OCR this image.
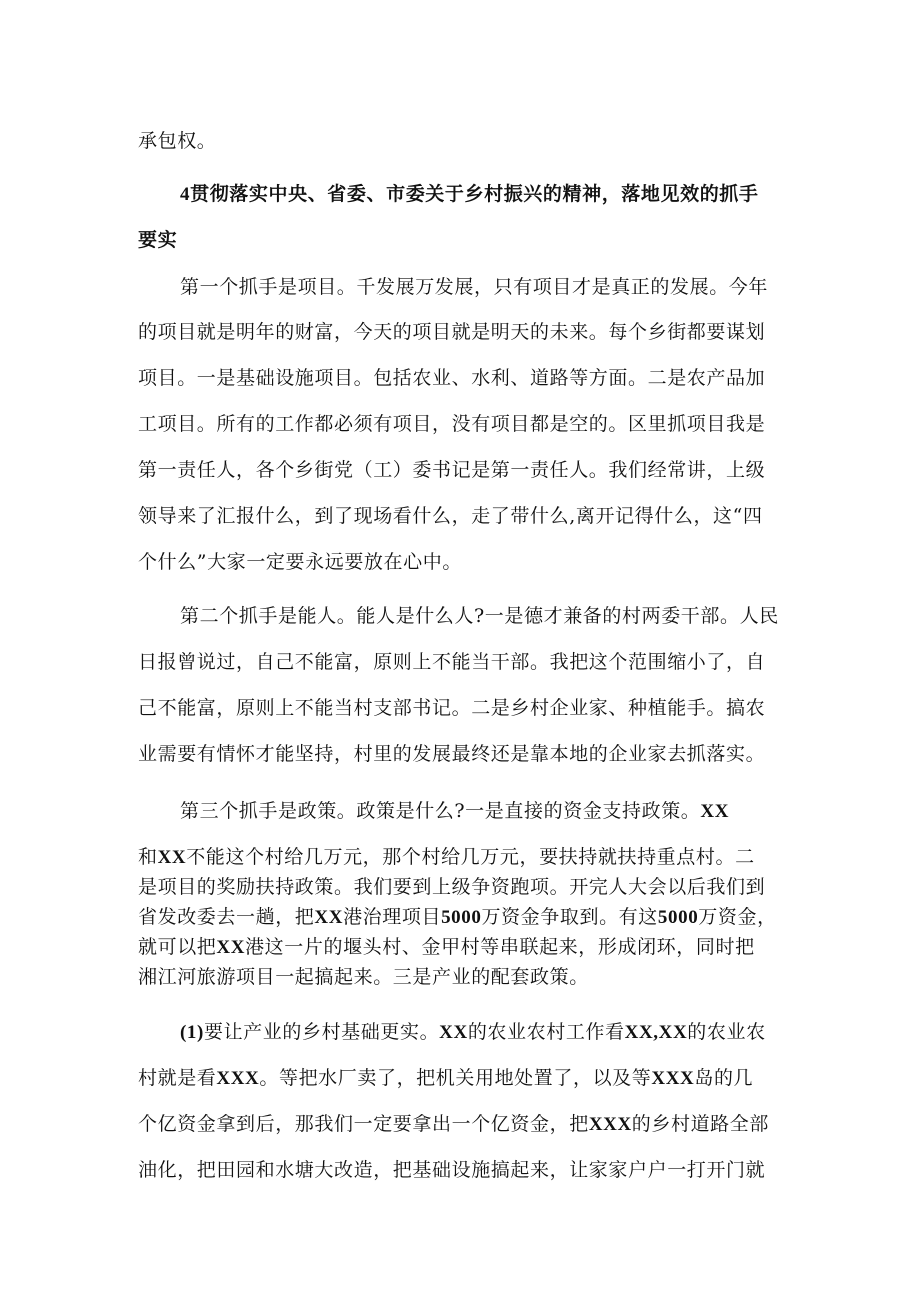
承包权。
4贯彻落实中央、省委、市委关于乡村振兴的精神，落地见效的抓手
要实
第一个抓手是项目。千发展万发展，只有项目才是真正的发展。今年
的项目就是明年的财富，今天的项目就是明天的未来。每个乡街都要谋划
项目。一是基础设施项目。包括农业、水利、道路等方面。二是农产品加
工项目。所有的工作都必须有项目，没有项目都是空的。区里抓项目我是
第一责任人，各个乡街党（工）委书记是第一责任人。我们经常讲，上级
领导来了汇报什么，到了现场看什么，走了带什么,离开记得什么，这“四
个什么”大家一定要永远要放在心中。
第二个抓手是能人。能人是什么人?一是德才兼备的村两委干部。人民
日报曾说过，自己不能富，原则上不能当干部。我把这个范围缩小了，自
己不能富，原则上不能当村支部书记。二是乡村企业家、种植能手。搞农
业需要有情怀才能坚持，村里的发展最终还是靠本地的企业家去抓落实。
第三个抓手是政策。政策是什么?一是直接的资金支持政策。XX
和XX不能这个村给几万元，那个村给几万元，要扶持就扶持重点村。二
是项目的奖励扶持政策。我们要到上级争资跑项。开完人大会以后我们到
省发改委去一趟，把XX港治理项目5000万资金争取到。有这5000万资金，
就可以把XX港这一片的堰头村、金甲村等串联起来，形成闭环，同时把
湘江河旅游项目一起搞起来。三是产业的配套政策。
(1)要让产业的乡村基础更实。XX的农业农村工作看XX,XX的农业农
村就是看XXX。等把水厂卖了，把机关用地处置了，以及等XXX岛的几
个亿资金拿到后，那我们一定要拿出一个亿资金，把XXX的乡村道路全部
油化，把田园和水塘大改造，把基础设施搞起来，让家家户户一打开门就
